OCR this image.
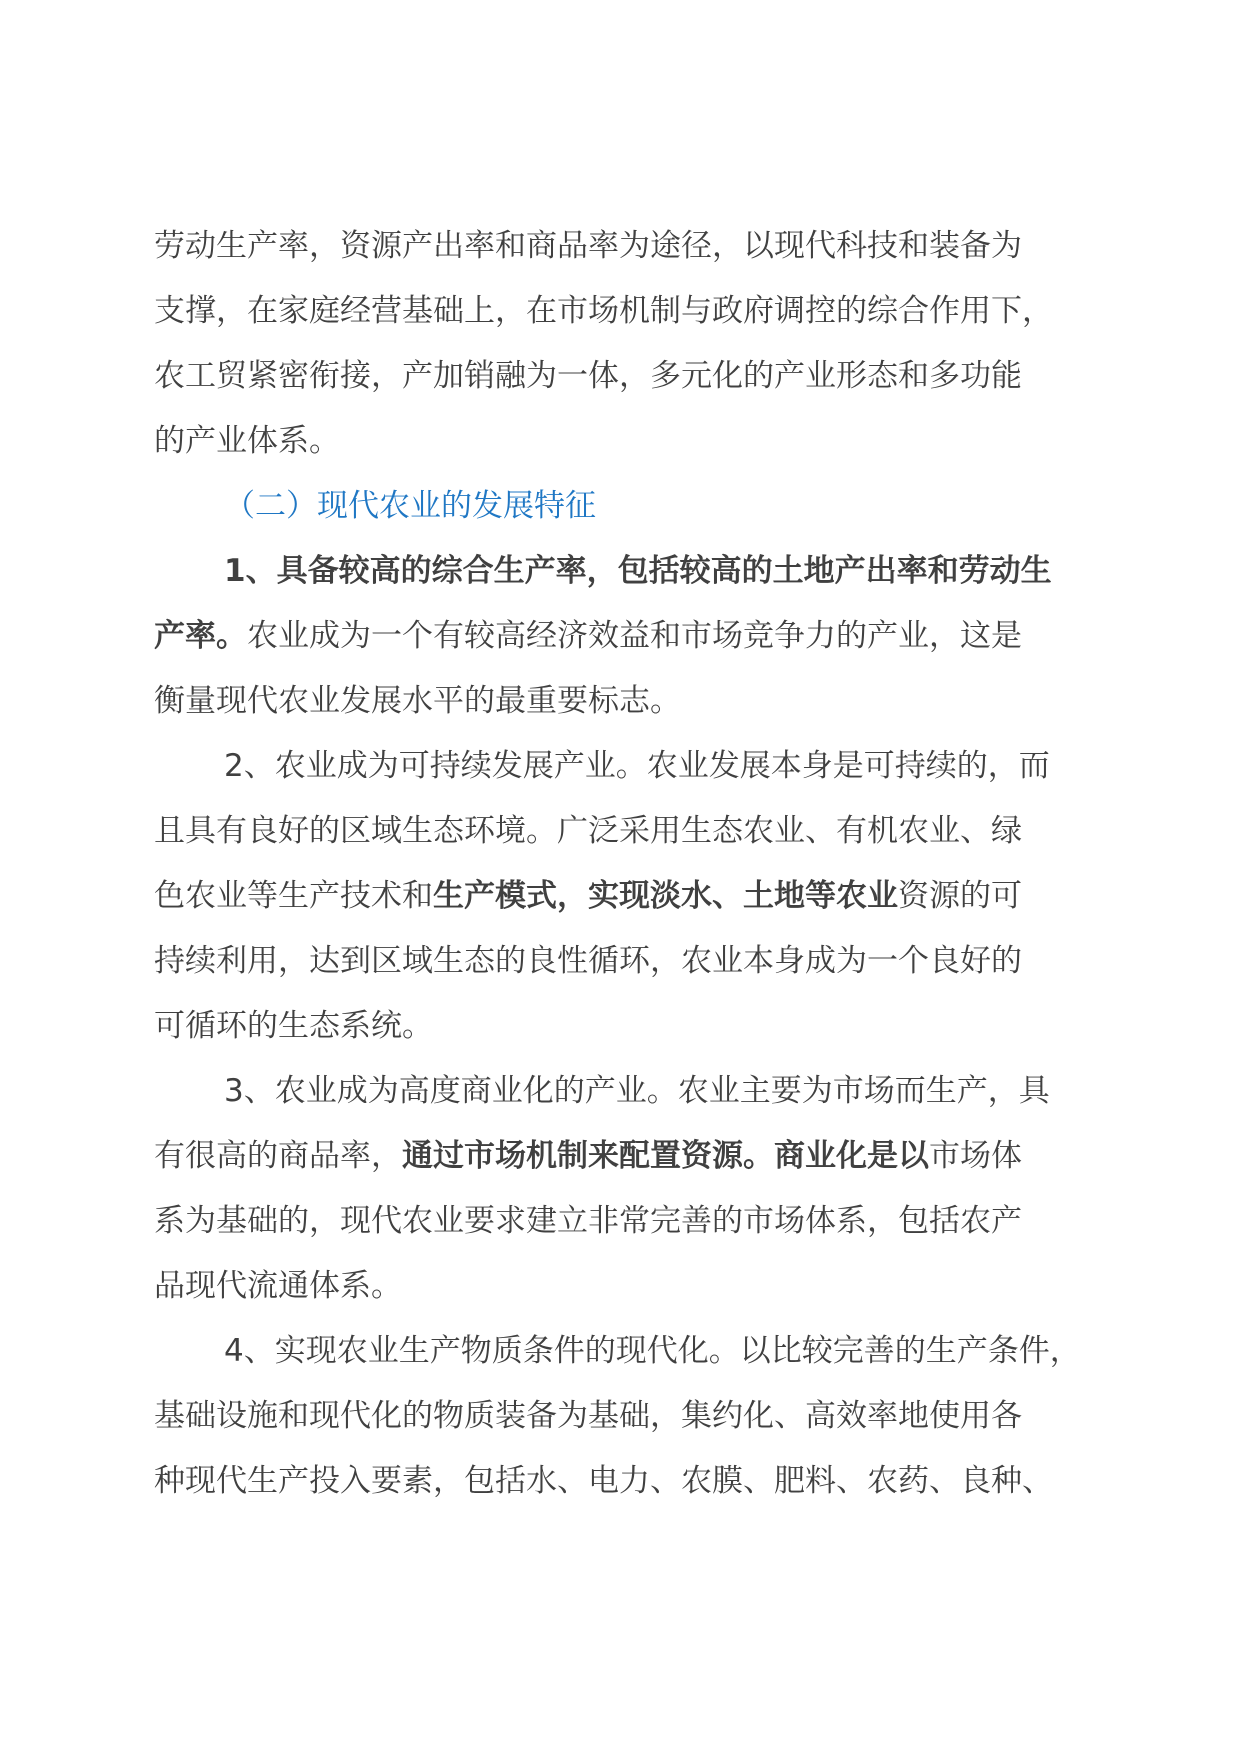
劳动生产率，资源产出率和商品率为途径，以现代科技和装备为
支撑，在家庭经营基础上，在市场机制与政府调控的综合作用下，
农工贸紧密衔接，产加销融为一体，多元化的产业形态和多功能
的产业体系。
（二）现代农业的发展特征
1、具备较高的综合生产率，包括较高的土地产出率和劳动生
产率。农业成为一个有较高经济效益和市场竞争力的产业，这是
衡量现代农业发展水平的最重要标志。
2、农业成为可持续发展产业。农业发展本身是可持续的，而
且具有良好的区域生态环境。广泛采用生态农业、有机农业、绿
色农业等生产技术和生产模式，实现淡水、土地等农业资源的可
持续利用，达到区域生态的良性循环，农业本身成为一个良好的
可循环的生态系统。
3、农业成为高度商业化的产业。农业主要为市场而生产，具
有很高的商品率，通过市场机制来配置资源。商业化是以市场体
系为基础的，现代农业要求建立非常完善的市场体系，包括农产
品现代流通体系。
4、实现农业生产物质条件的现代化。以比较完善的生产条件，
基础设施和现代化的物质装备为基础，集约化、高效率地使用各
种现代生产投入要素，包括水、电力、农膜、肥料、农药、良种、
